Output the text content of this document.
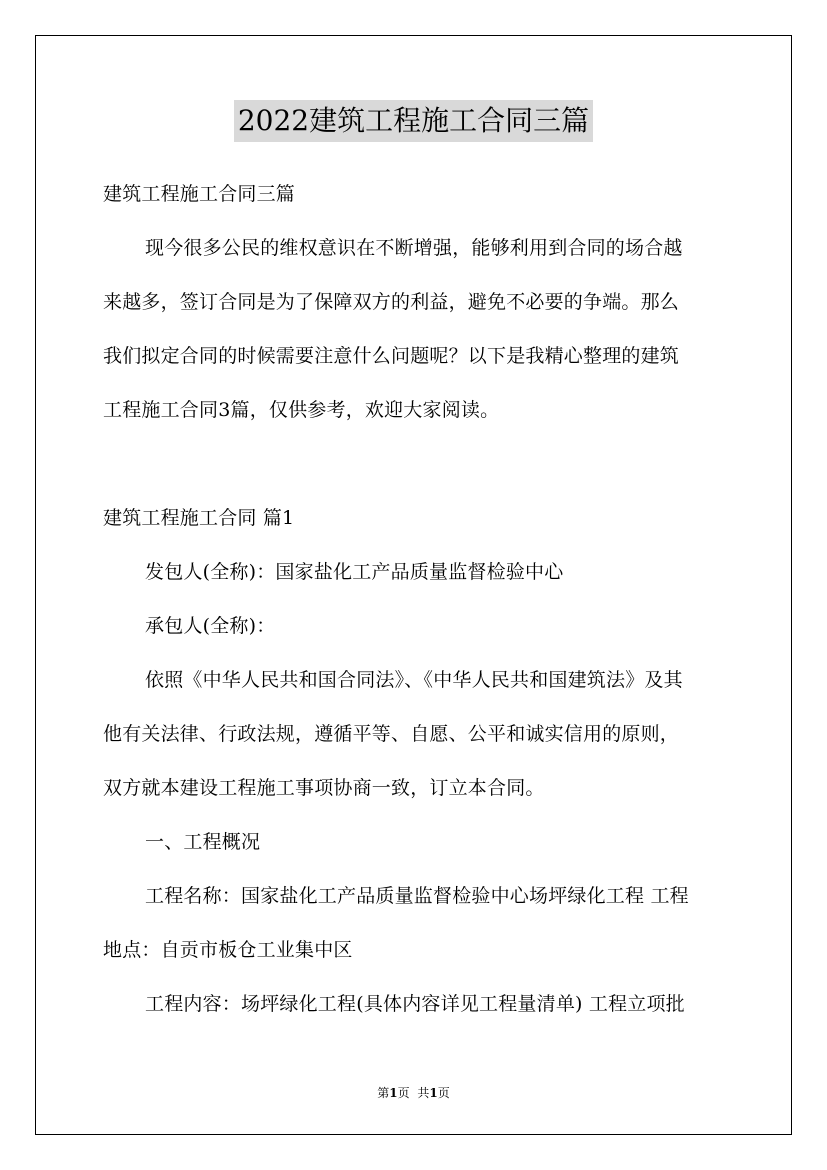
2022建筑工程施工合同三篇
建筑工程施工合同三篇
现今很多公民的维权意识在不断增强，能够利用到合同的场合越
来越多，签订合同是为了保障双方的利益，避免不必要的争端。那么
我们拟定合同的时候需要注意什么问题呢？以下是我精心整理的建筑
工程施工合同3篇，仅供参考，欢迎大家阅读。
建筑工程施工合同 篇1
发包人(全称)：国家盐化工产品质量监督检验中心
承包人(全称)：
依照《中华人民共和国合同法》、《中华人民共和国建筑法》及其
他有关法律、行政法规，遵循平等、自愿、公平和诚实信用的原则，
双方就本建设工程施工事项协商一致，订立本合同。
一、工程概况
工程名称：国家盐化工产品质量监督检验中心场坪绿化工程 工程
地点：自贡市板仓工业集中区
工程内容：场坪绿化工程(具体内容详见工程量清单) 工程立项批
第1页 共1页
